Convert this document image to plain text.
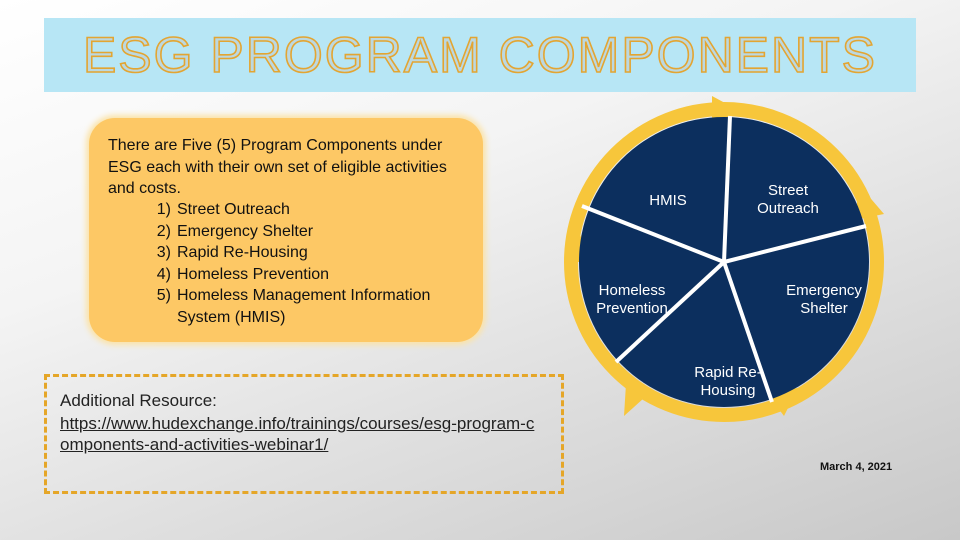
ESG PROGRAM COMPONENTS
There are Five (5) Program Components under ESG each with their own set of eligible activities and costs.
1) Street Outreach
2) Emergency Shelter
3) Rapid Re-Housing
4) Homeless Prevention
5) Homeless Management Information System (HMIS)
Additional Resource:
https://www.hudexchange.info/trainings/courses/esg-program-components-and-activities-webinar1/
HMIS
Street Outreach
Emergency Shelter
Rapid Re-Housing
Homeless Prevention
March 4, 2021
